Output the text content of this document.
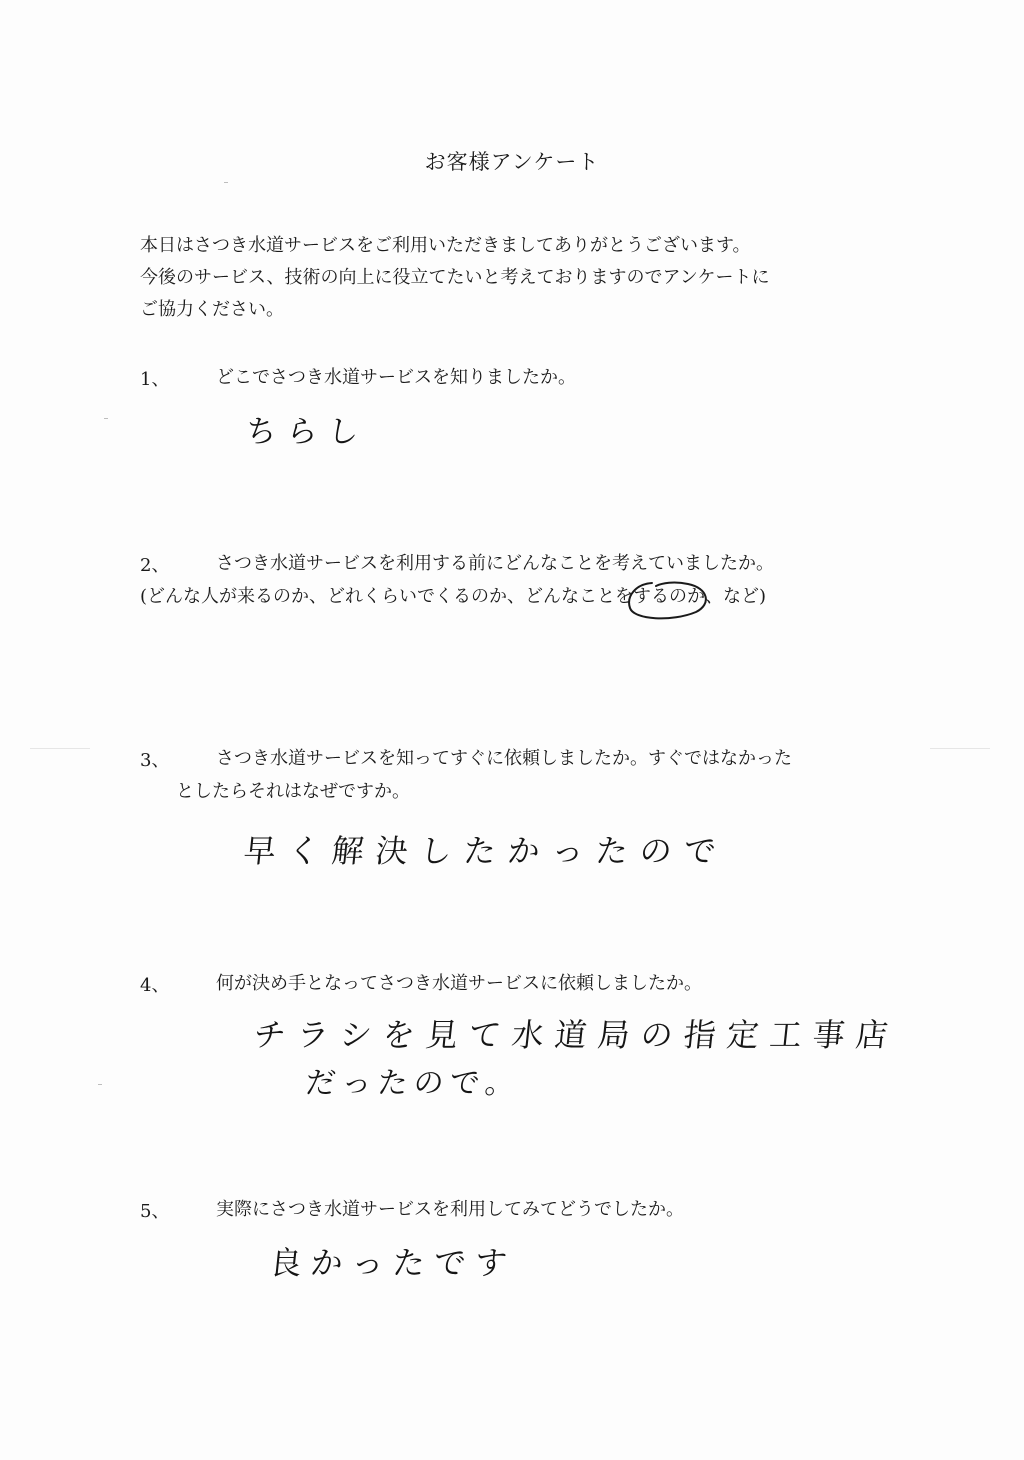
お客様アンケート
本日はさつき水道サービスをご利用いただきましてありがとうございます。
今後のサービス、技術の向上に役立てたいと考えておりますのでアンケートに
ご協力ください。
1、	どこでさつき水道サービスを知りましたか。
ちらし
2、	さつき水道サービスを利用する前にどんなことを考えていましたか。
(どんな人が来るのか、どれくらいでくるのか、どんなことをするのか、など)
3、	さつき水道サービスを知ってすぐに依頼しましたか。すぐではなかった
としたらそれはなぜですか。
早く解決したかったので
4、	何が決め手となってさつき水道サービスに依頼しましたか。
チラシを見て水道局の指定工事店
だったので。
5、	実際にさつき水道サービスを利用してみてどうでしたか。
良かったです
